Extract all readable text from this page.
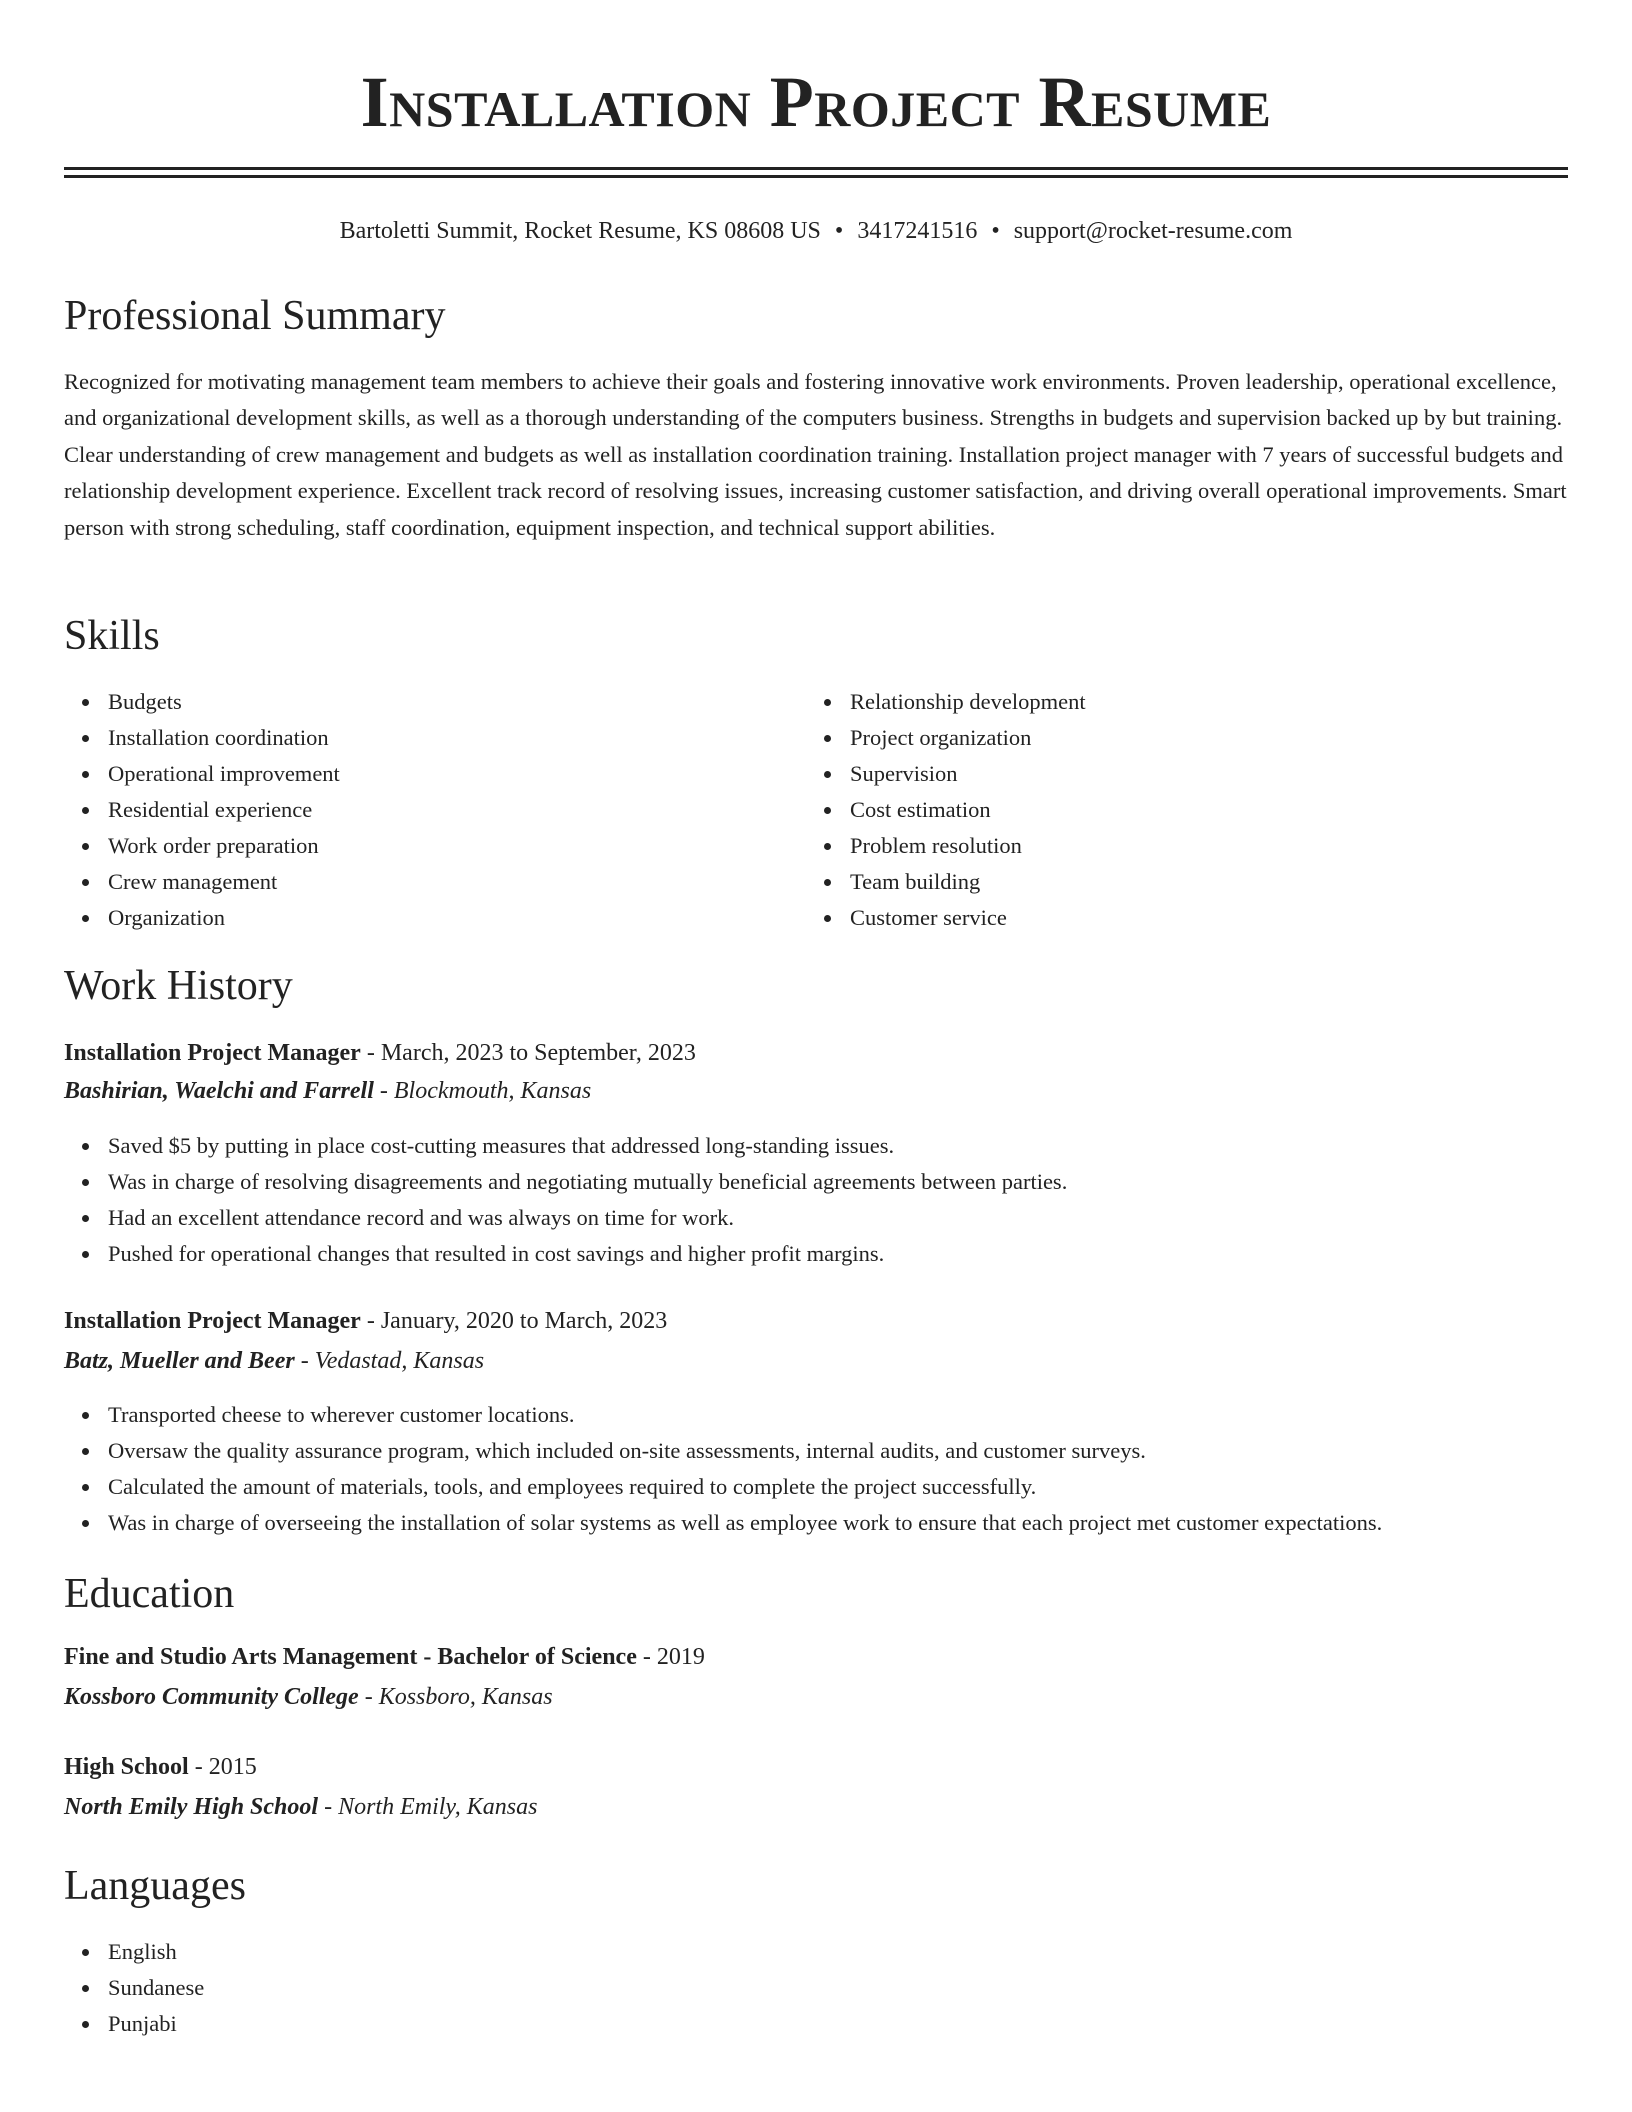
Installation Project Resume
Bartoletti Summit, Rocket Resume, KS 08608 US • 3417241516 • support@rocket-resume.com
Professional Summary

Recognized for motivating management team members to achieve their goals and fostering innovative work environments. Proven leadership, operational excellence, and organizational development skills, as well as a thorough understanding of the computers business. Strengths in budgets and supervision backed up by but training. Clear understanding of crew management and budgets as well as installation coordination training. Installation project manager with 7 years of successful budgets and relationship development experience. Excellent track record of resolving issues, increasing customer satisfaction, and driving overall operational improvements. Smart person with strong scheduling, staff coordination, equipment inspection, and technical support abilities.

Skills
Budgets
Installation coordination
Operational improvement
Residential experience
Work order preparation
Crew management
Organization
Relationship development
Project organization
Supervision
Cost estimation
Problem resolution
Team building
Customer service
Work History
Installation Project Manager - March, 2023 to September, 2023
Bashirian, Waelchi and Farrell - Blockmouth, Kansas
Saved $5 by putting in place cost-cutting measures that addressed long-standing issues.
Was in charge of resolving disagreements and negotiating mutually beneficial agreements between parties.
Had an excellent attendance record and was always on time for work.
Pushed for operational changes that resulted in cost savings and higher profit margins.
Installation Project Manager - January, 2020 to March, 2023
Batz, Mueller and Beer - Vedastad, Kansas
Transported cheese to wherever customer locations.
Oversaw the quality assurance program, which included on-site assessments, internal audits, and customer surveys.
Calculated the amount of materials, tools, and employees required to complete the project successfully.
Was in charge of overseeing the installation of solar systems as well as employee work to ensure that each project met customer expectations.
Education
Fine and Studio Arts Management - Bachelor of Science - 2019
Kossboro Community College - Kossboro, Kansas
High School - 2015
North Emily High School - North Emily, Kansas
Languages
English
Sundanese
Punjabi
